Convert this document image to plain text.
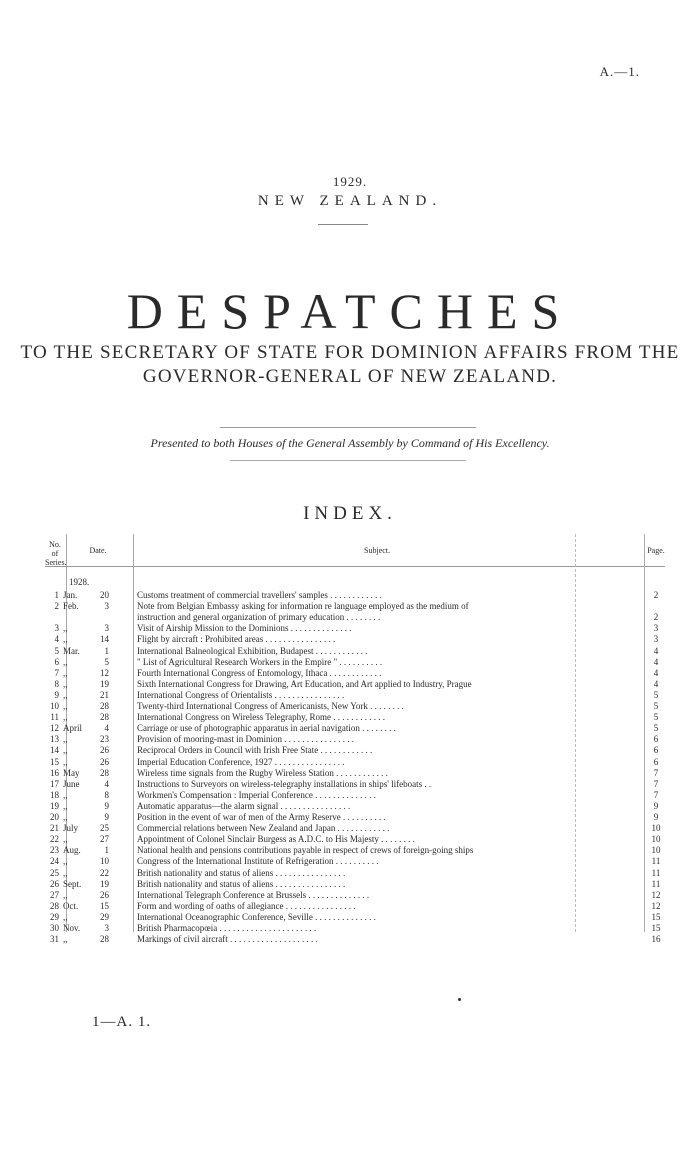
A.—1.
1929.
NEW ZEALAND.
DESPATCHES
TO THE SECRETARY OF STATE FOR DOMINION AFFAIRS FROM THE
GOVERNOR-GENERAL OF NEW ZEALAND.
Presented to both Houses of the General Assembly by Command of His Excellency.
INDEX.
No. of Series.
Date.	Subject.	Page.
1928.
1 Jan.	20	Customs treatment of commercial travellers' samples . . . . . . . . . . . .	2
2 Feb.	3	Note from Belgian Embassy asking for information re language employed as the medium of
instruction and general organization of primary education . . . . . . . .	2
3 ,,	3	Visit of Airship Mission to the Dominions . . . . . . . . . . . . . .	3
4 ,,	14	Flight by aircraft : Prohibited areas . . . . . . . . . . . . . . . .	3
5 Mar.	1	International Balneological Exhibition, Budapest . . . . . . . . . . . .	4
6 ,,	5	" List of Agricultural Research Workers in the Empire " . . . . . . . . . .	4
7 ,,	12	Fourth International Congress of Entomology, Ithaca . . . . . . . . . . . .	4
8 ,,	19	Sixth International Congress for Drawing, Art Education, and Art applied to Industry, Prague	4
9 ,,	21	International Congress of Orientalists . . . . . . . . . . . . . . . .	5
10 ,,	28	Twenty-third International Congress of Americanists, New York . . . . . . . .	5
11 ,,	28	International Congress on Wireless Telegraphy, Rome . . . . . . . . . . . .	5
12 April	4	Carriage or use of photographic apparatus in aerial navigation . . . . . . . .	5
13 ,,	23	Provision of mooring-mast in Dominion . . . . . . . . . . . . . . . .	6
14 ,,	26	Reciprocal Orders in Council with Irish Free State . . . . . . . . . . . .	6
15 ,,	26	Imperial Education Conference, 1927 . . . . . . . . . . . . . . . .	6
16 May 28	Wireless time signals from the Rugby Wireless Station . . . . . . . . . . . .	7
17 June	4	Instructions to Surveyors on wireless-telegraphy installations in ships' lifeboats . .	7
18 ,,	8	Workmen's Compensation : Imperial Conference . . . . . . . . . . . . . .	7
19 ,,	9	Automatic apparatus—the alarm signal . . . . . . . . . . . . . . . .	9
20 ,,	9	Position in the event of war of men of the Army Reserve . . . . . . . . . .	9
21 July 25	Commercial relations between New Zealand and Japan . . . . . . . . . . . .	10
22 ,,	27	Appointment of Colonel Sinclair Burgess as A.D.C. to His Majesty . . . . . . . .	10
23 Aug.	1	National health and pensions contributions payable in respect of crews of foreign-going ships	10
24 ,,	10	Congress of the International Institute of Refrigeration . . . . . . . . . .	11
25 ,,	22	British nationality and status of aliens . . . . . . . . . . . . . . . .	11
26 Sept. 19	British nationality and status of aliens . . . . . . . . . . . . . . . .	11
27 ,,	26	International Telegraph Conference at Brussels . . . . . . . . . . . . . .	12
28 Oct. 15	Form and wording of oaths of allegiance . . . . . . . . . . . . . . . .	12
29 ,,	29	International Oceanographic Conference, Seville . . . . . . . . . . . . . .	15
30 Nov.	3	British Pharmacopœia . . . . . . . . . . . . . . . . . . . . . .	15
31 ,,	28	Markings of civil aircraft . . . . . . . . . . . . . . . . . . . .	16
1—A. 1.
